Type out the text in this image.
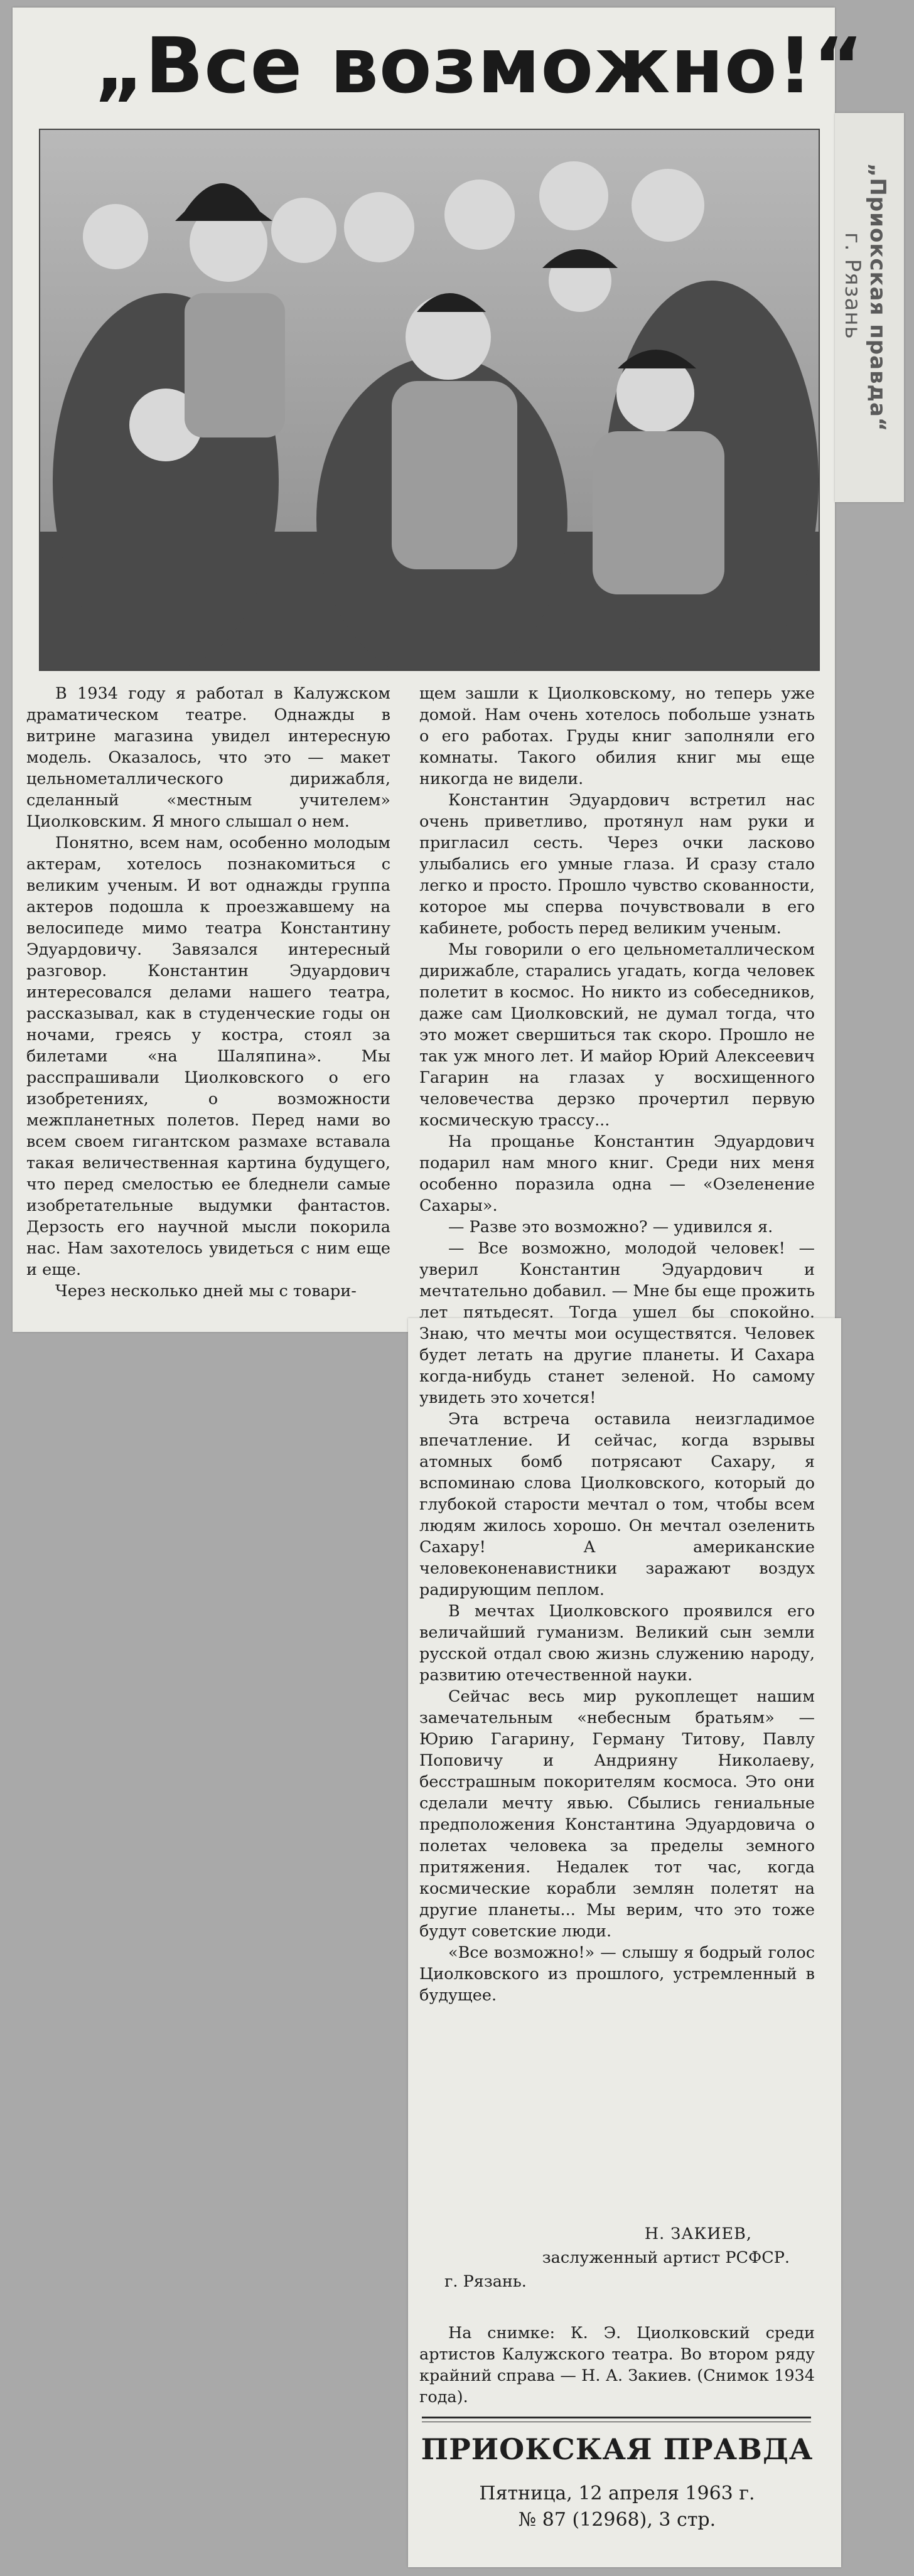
„Все возможно!“
„Приокская правда“
г. Рязань

В 1934 году я работал в Калужском драматическом театре. Однажды в витрине магазина увидел интересную модель. Оказалось, что это — макет цельнометаллического дирижабля, сделанный «местным учителем» Циолковским. Я много слышал о нем.

Понятно, всем нам, особенно молодым актерам, хотелось познакомиться с великим ученым. И вот однажды группа актеров подошла к проезжавшему на велосипеде мимо театра Константину Эдуардовичу. Завязался интересный разговор. Константин Эдуардович интересовался делами нашего театра, рассказывал, как в студенческие годы он ночами, греясь у костра, стоял за билетами «на Шаляпина». Мы расспрашивали Циолковского о его изобретениях, о возможности межпланетных полетов. Перед нами во всем своем гигантском размахе вставала такая величественная картина будущего, что перед смелостью ее бледнели самые изобретательные выдумки фантастов. Дерзость его научной мысли покорила нас. Нам захотелось увидеться с ним еще и еще.

Через несколько дней мы с товари-

щем зашли к Циолковскому, но теперь уже домой. Нам очень хотелось побольше узнать о его работах. Груды книг заполняли его комнаты. Такого обилия книг мы еще никогда не видели.

Константин Эдуардович встретил нас очень приветливо, протянул нам руки и пригласил сесть. Через очки ласково улыбались его умные глаза. И сразу стало легко и просто. Прошло чувство скованности, которое мы сперва почувствовали в его кабинете, робость перед великим ученым.

Мы говорили о его цельнометаллическом дирижабле, старались угадать, когда человек полетит в космос. Но никто из собеседников, даже сам Циолковский, не думал тогда, что это может свершиться так скоро. Прошло не так уж много лет. И майор Юрий Алексеевич Гагарин на глазах у восхищенного человечества дерзко прочертил первую космическую трассу...

На прощанье Константин Эдуардович подарил нам много книг. Среди них меня особенно поразила одна — «Озеленение Сахары».

— Разве это возможно? — удивился я.

— Все возможно, молодой человек! — уверил Константин Эдуардович и мечтательно добавил. — Мне бы еще прожить лет пятьдесят. Тогда ушел бы спокойно. Знаю, что мечты мои осуществятся. Человек будет летать на другие планеты. И Сахара когда-нибудь станет зеленой. Но самому увидеть это хочется!

Эта встреча оставила неизгладимое впечатление. И сейчас, когда взрывы атомных бомб потрясают Сахару, я вспоминаю слова Циолковского, который до глубокой старости мечтал о том, чтобы всем людям жилось хорошо. Он мечтал озеленить Сахару! А американские человеконенавистники заражают воздух радирующим пеплом.

В мечтах Циолковского проявился его величайший гуманизм. Великий сын земли русской отдал свою жизнь служению народу, развитию отечественной науки.

Сейчас весь мир рукоплещет нашим замечательным «небесным братьям» — Юрию Гагарину, Герману Титову, Павлу Поповичу и Андрияну Николаеву, бесстрашным покорителям космоса. Это они сделали мечту явью. Сбылись гениальные предположения Константина Эдуардовича о полетах человека за пределы земного притяжения. Недалек тот час, когда космические корабли землян полетят на другие планеты... Мы верим, что это тоже будут советские люди.

«Все возможно!» — слышу я бодрый голос Циолковского из прошлого, устремленный в будущее.

Н. ЗАКИЕВ,
заслуженный артист РСФСР.
г. Рязань.

На снимке: К. Э. Циолковский среди артистов Калужского театра. Во втором ряду крайний справа — Н. А. Закиев. (Снимок 1934 года).

ПРИОКСКАЯ ПРАВДА
Пятница, 12 апреля 1963 г.
№ 87 (12968), 3 стр.
